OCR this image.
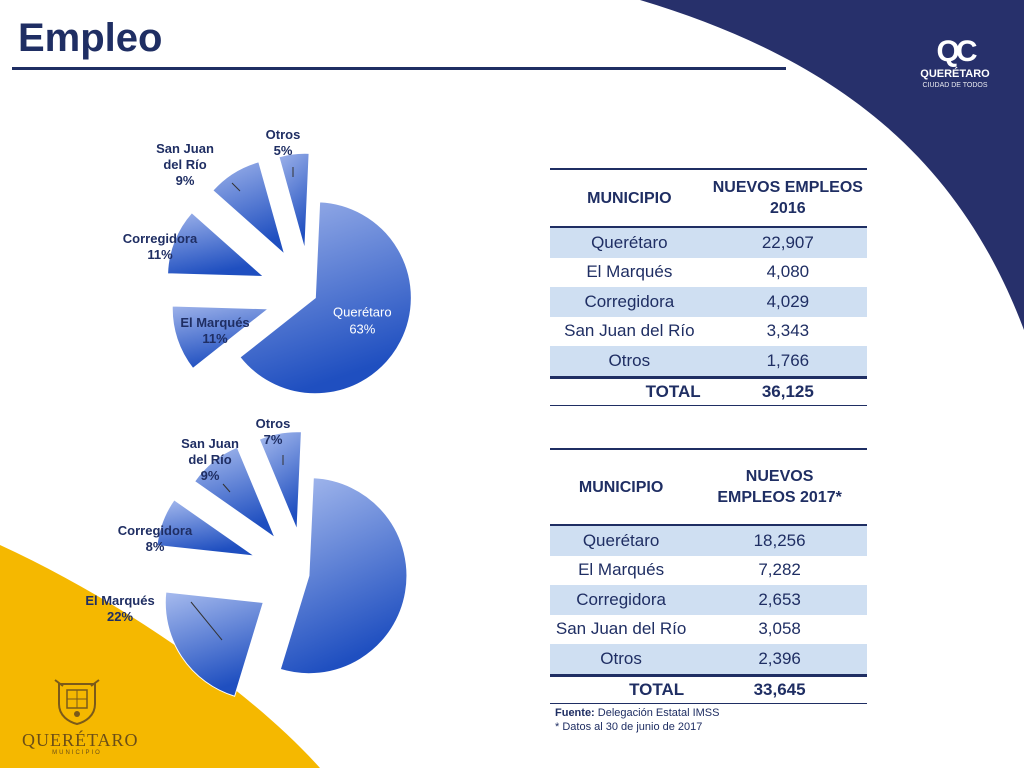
Empleo	QC
QUERÉTARO
CIUDAD DE TODOS
Querétaro
63%
El Marqués
11%
Corregidora
11%
San Juan
del Río
9%
Otros
5%
El Marqués
22%
Corregidora
8%
San Juan
del Río
9%
Otros
7%
MUNICIPIO	NUEVOS EMPLEOS 2016
Querétaro	22,907
El Marqués	4,080
Corregidora	4,029
San Juan del Río	3,343
Otros	1,766
TOTAL	36,125
MUNICIPIO	NUEVOS EMPLEOS 2017*
Querétaro	18,256
El Marqués	7,282
Corregidora	2,653
San Juan del Río	3,058
Otros	2,396
TOTAL	33,645
Fuente: Delegación Estatal IMSS
* Datos al 30 de junio de 2017
QUERÉTARO
MUNICIPIO
